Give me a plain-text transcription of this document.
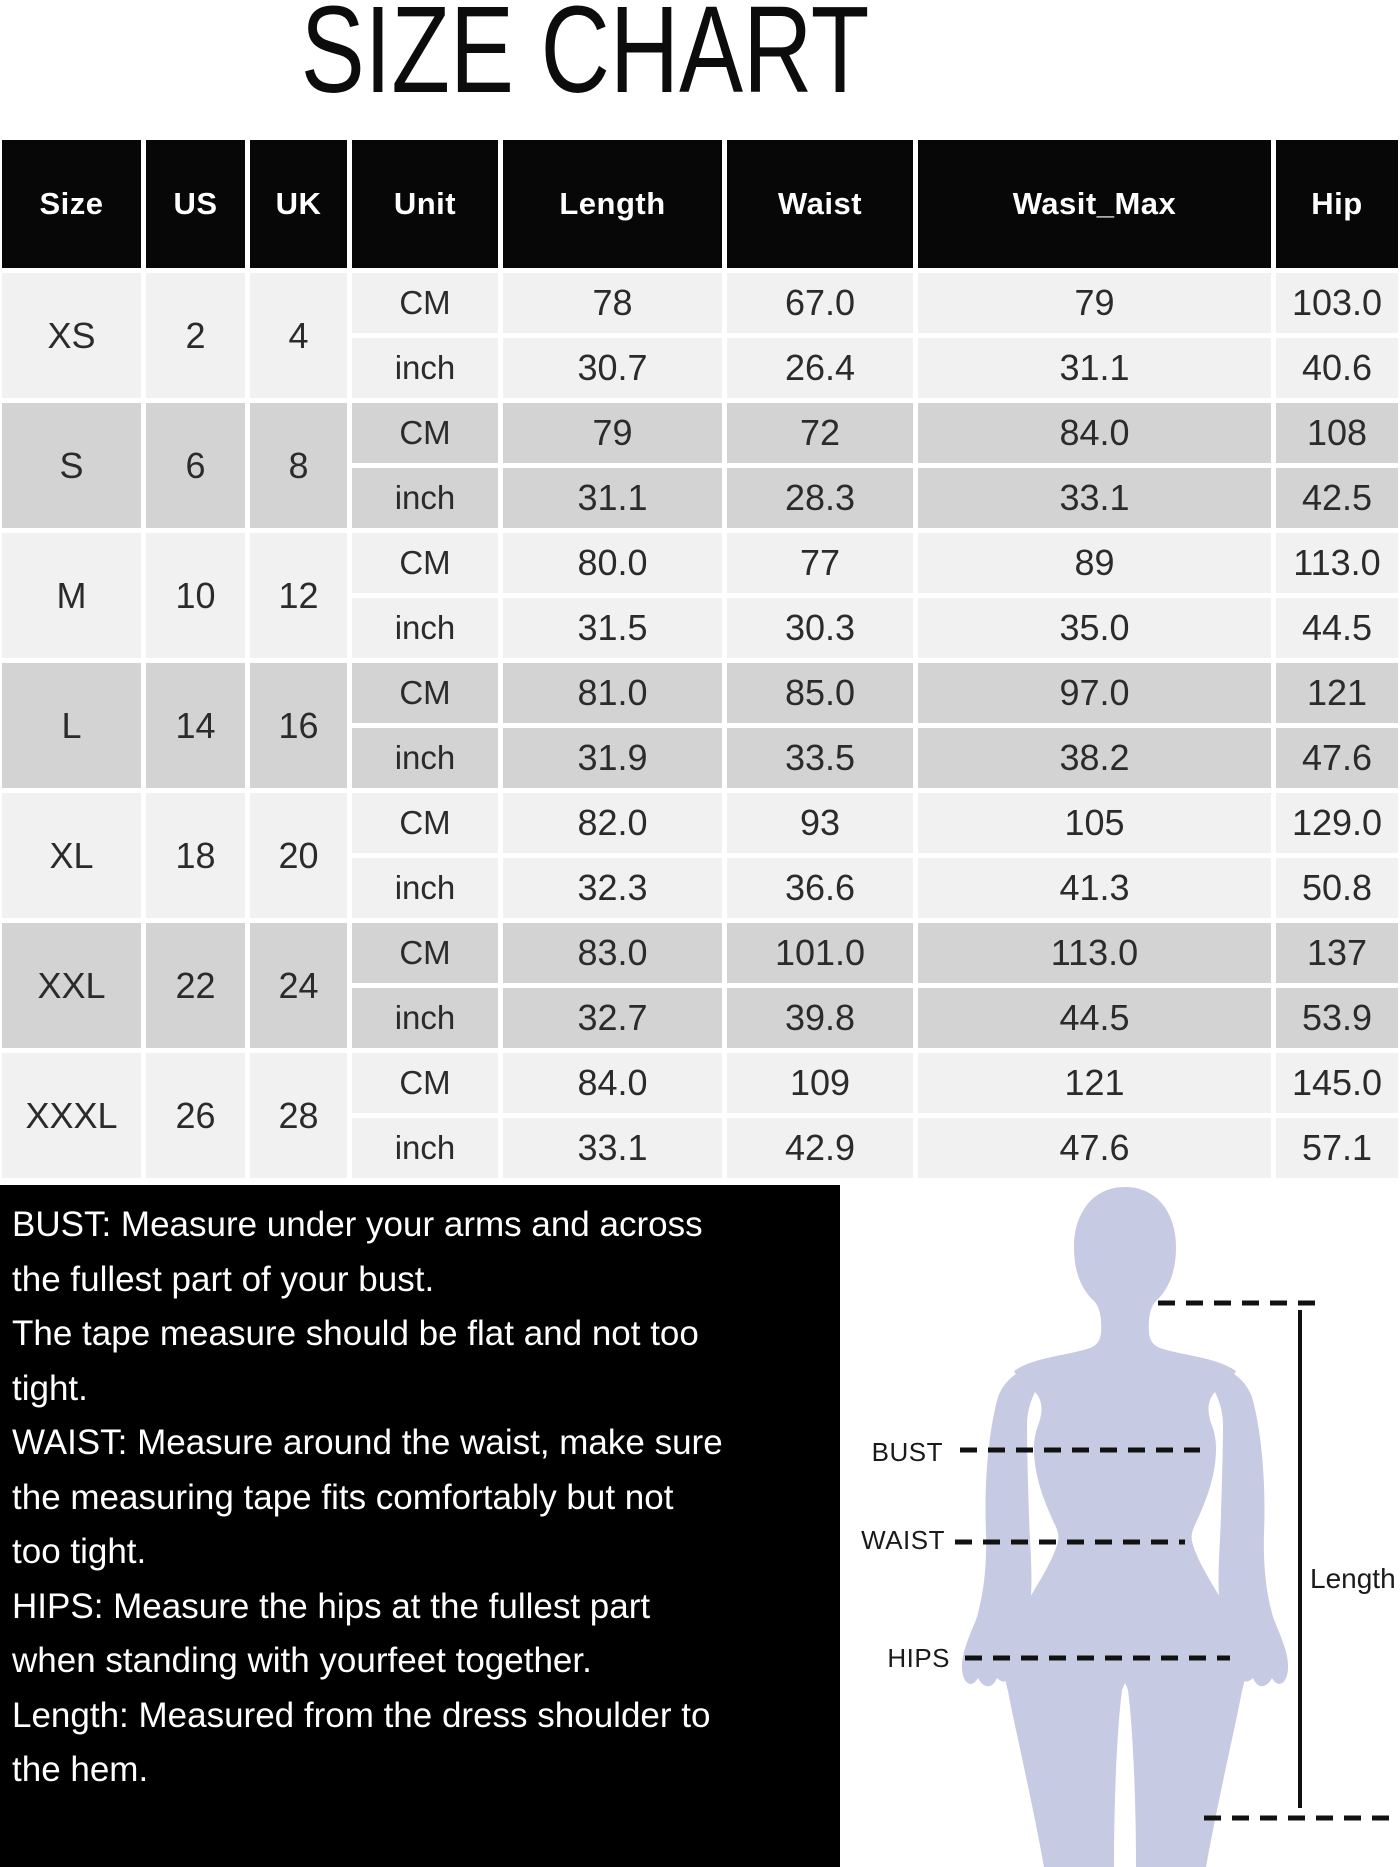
SIZE CHART
Size	US	UK	Unit	Length	Waist	Wasit_Max	Hip
XS	2	4
CM	78	67.0	79	103.0
inch	30.7	26.4	31.1	40.6
S	6	8
CM	79	72	84.0	108
inch	31.1	28.3	33.1	42.5
M	10	12
CM	80.0	77	89	113.0
inch	31.5	30.3	35.0	44.5
L	14	16
CM	81.0	85.0	97.0	121
inch	31.9	33.5	38.2	47.6
XL	18	20
CM	82.0	93	105	129.0
inch	32.3	36.6	41.3	50.8
XXL	22	24
CM	83.0	101.0	113.0	137
inch	32.7	39.8	44.5	53.9
XXXL	26	28
CM	84.0	109	121	145.0
inch	33.1	42.9	47.6	57.1
BUST: Measure under your arms and across
the fullest part of your bust.
The tape measure should be flat and not too
tight.
WAIST: Measure around the waist, make sure
the measuring tape fits comfortably but not
too tight.
HIPS: Measure the hips at the fullest part
when standing with yourfeet together.
Length: Measured from the dress shoulder to
the hem.
BUST
WAIST
HIPS
Length
